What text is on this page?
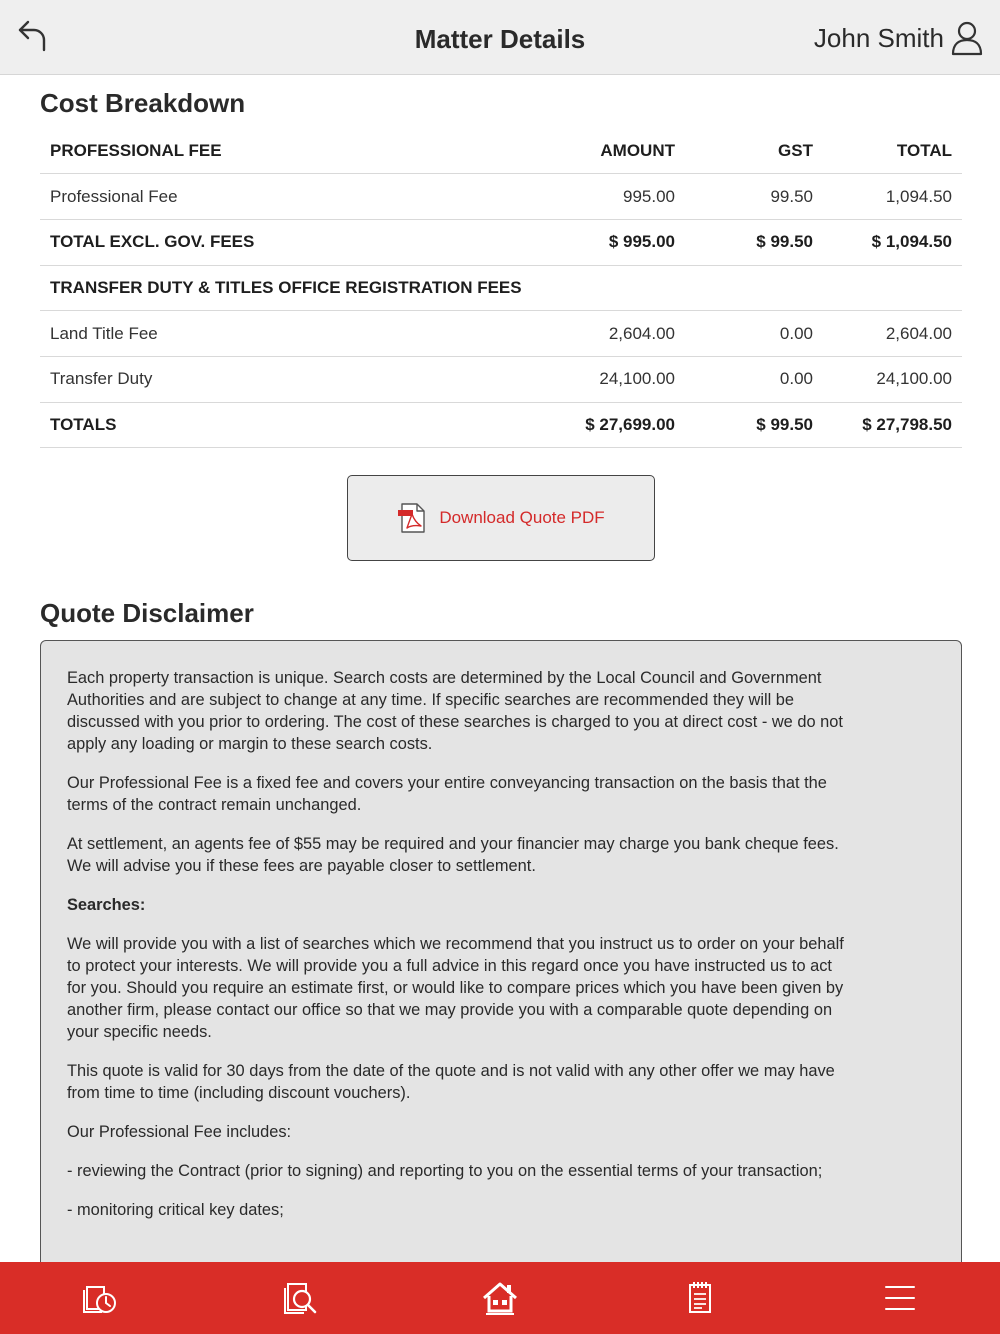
Matter Details	John Smith
Cost Breakdown
PROFESSIONAL FEE	AMOUNT	GST	TOTAL
Professional Fee	995.00	99.50	1,094.50
TOTAL EXCL. GOV. FEES	$ 995.00	$ 99.50	$ 1,094.50
TRANSFER DUTY & TITLES OFFICE REGISTRATION FEES			
Land Title Fee	2,604.00	0.00	2,604.00
Transfer Duty	24,100.00	0.00	24,100.00
TOTALS	$ 27,699.00	$ 99.50	$ 27,798.50
Download Quote PDF
Quote Disclaimer

Each property transaction is unique. Search costs are determined by the Local Council and Government Authorities and are subject to change at any time. If specific searches are recommended they will be discussed with you prior to ordering. The cost of these searches is charged to you at direct cost - we do not apply any loading or margin to these search costs.

Our Professional Fee is a fixed fee and covers your entire conveyancing transaction on the basis that the terms of the contract remain unchanged.

At settlement, an agents fee of $55 may be required and your financier may charge you bank cheque fees. We will advise you if these fees are payable closer to settlement.

Searches:

We will provide you with a list of searches which we recommend that you instruct us to order on your behalf to protect your interests. We will provide you a full advice in this regard once you have instructed us to act for you. Should you require an estimate first, or would like to compare prices which you have been given by another firm, please contact our office so that we may provide you with a comparable quote depending on your specific needs.

This quote is valid for 30 days from the date of the quote and is not valid with any other offer we may have from time to time (including discount vouchers).

Our Professional Fee includes:

- reviewing the Contract (prior to signing) and reporting to you on the essential terms of your transaction;

- monitoring critical key dates;
